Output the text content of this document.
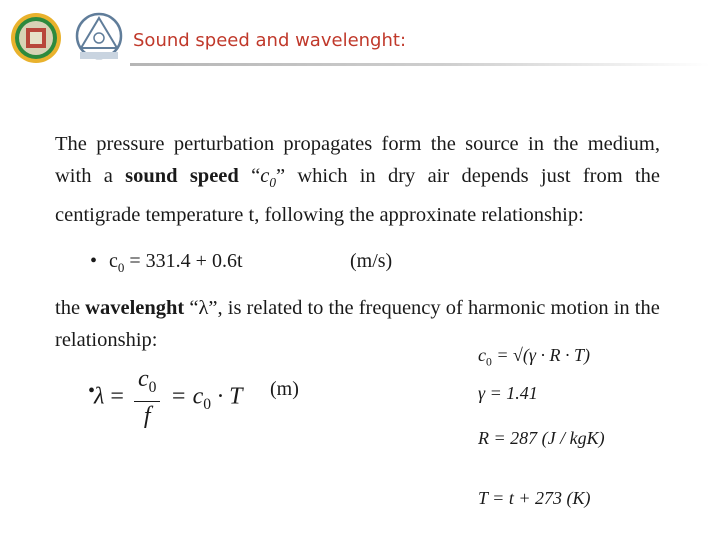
Sound speed and wavelenght:
The pressure perturbation propagates form the source in the medium, with a sound speed “$c_0$” which in dry air depends just from the centigrade temperature t, following the approxinate relationship:
• $c_0 = 331.4 + 0.6t$	(m/s)
the wavelenght “λ”, is related to the frequency of harmonic motion in the relationship:
•
$\lambda = \frac{c_0}{f} = c_0 \cdot T$ (m)
$c_0 = √(\gamma \cdot R \cdot T)$
γ = 1.41
R = 287 (J / kgK)
T = t + 273 (K)
